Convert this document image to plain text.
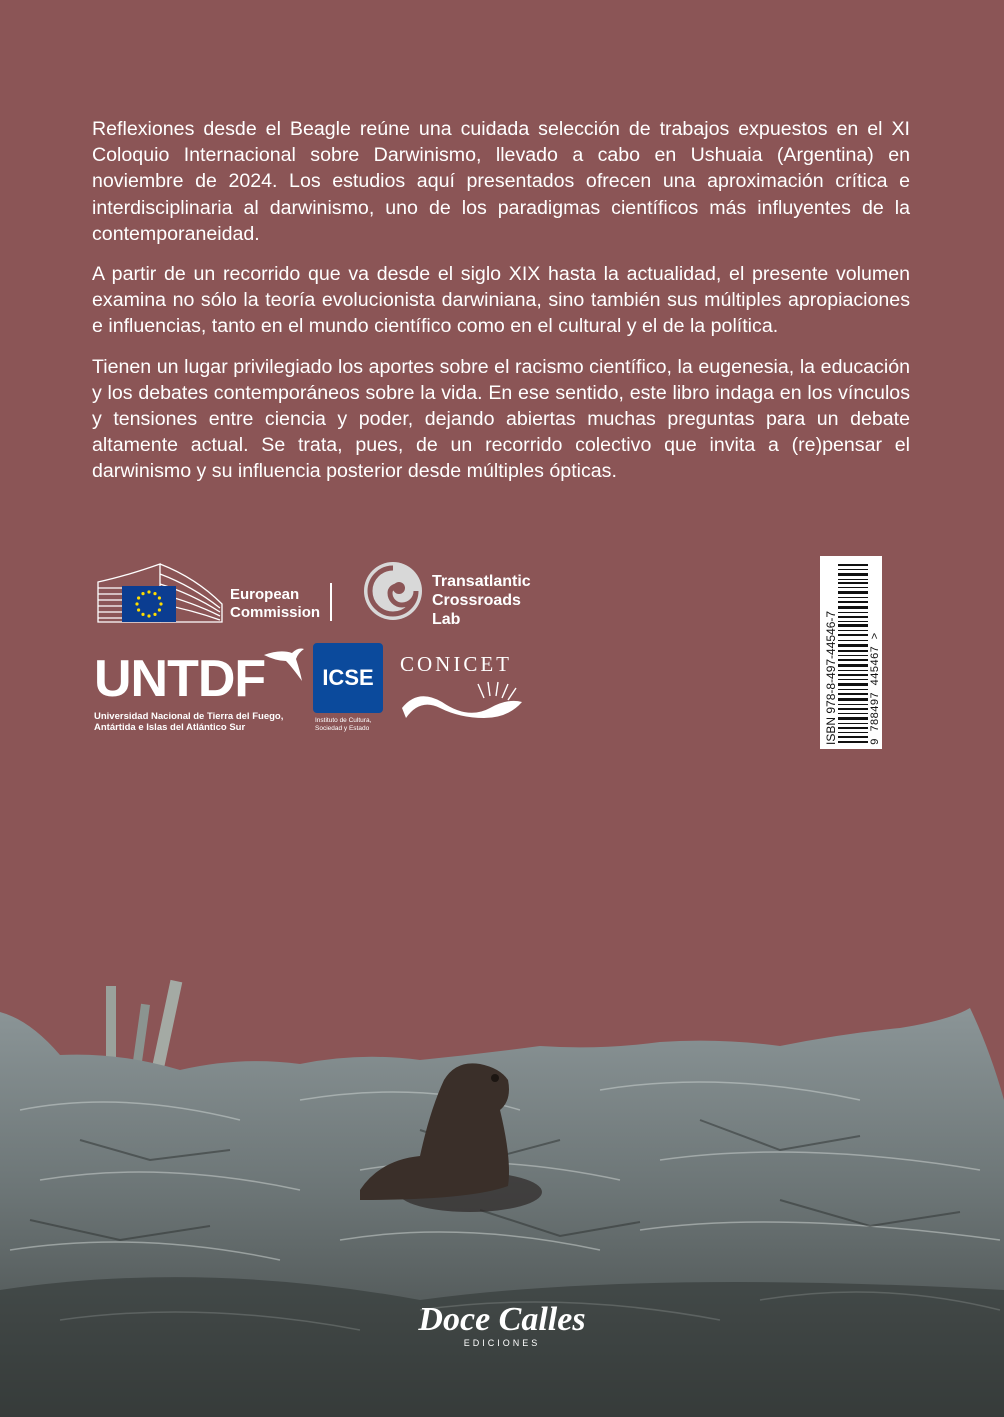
Reflexiones desde el Beagle reúne una cuidada selección de trabajos expuestos en el XI Coloquio Internacional sobre Darwinismo, llevado a cabo en Ushuaia (Argentina) en noviembre de 2024. Los estudios aquí presentados ofrecen una aproximación crítica e interdisciplinaria al darwinismo, uno de los paradigmas científicos más influyentes de la contemporaneidad.

A partir de un recorrido que va desde el siglo XIX hasta la actualidad, el presente volumen examina no sólo la teoría evolucionista darwiniana, sino también sus múltiples apropiaciones e influencias, tanto en el mundo científico como en el cultural y el de la política.

Tienen un lugar privilegiado los aportes sobre el racismo científico, la eugenesia, la educación y los debates contemporáneos sobre la vida. En ese sentido, este libro indaga en los vínculos y tensiones entre ciencia y poder, dejando abiertas muchas preguntas para un debate altamente actual. Se trata, pues, de un recorrido colectivo que invita a (re)pensar el darwinismo y su influencia posterior desde múltiples ópticas.

European
Commission
Transatlantic
Crossroads Lab
UNTDF
Universidad Nacional de Tierra del Fuego,
Antártida e Islas del Atlántico Sur
ICSE
Instituto de Cultura,
Sociedad y Estado
CONICET	ISBN 978-8-497-44546-7	9 788497 445467 >
Doce Calles
EDICIONES
